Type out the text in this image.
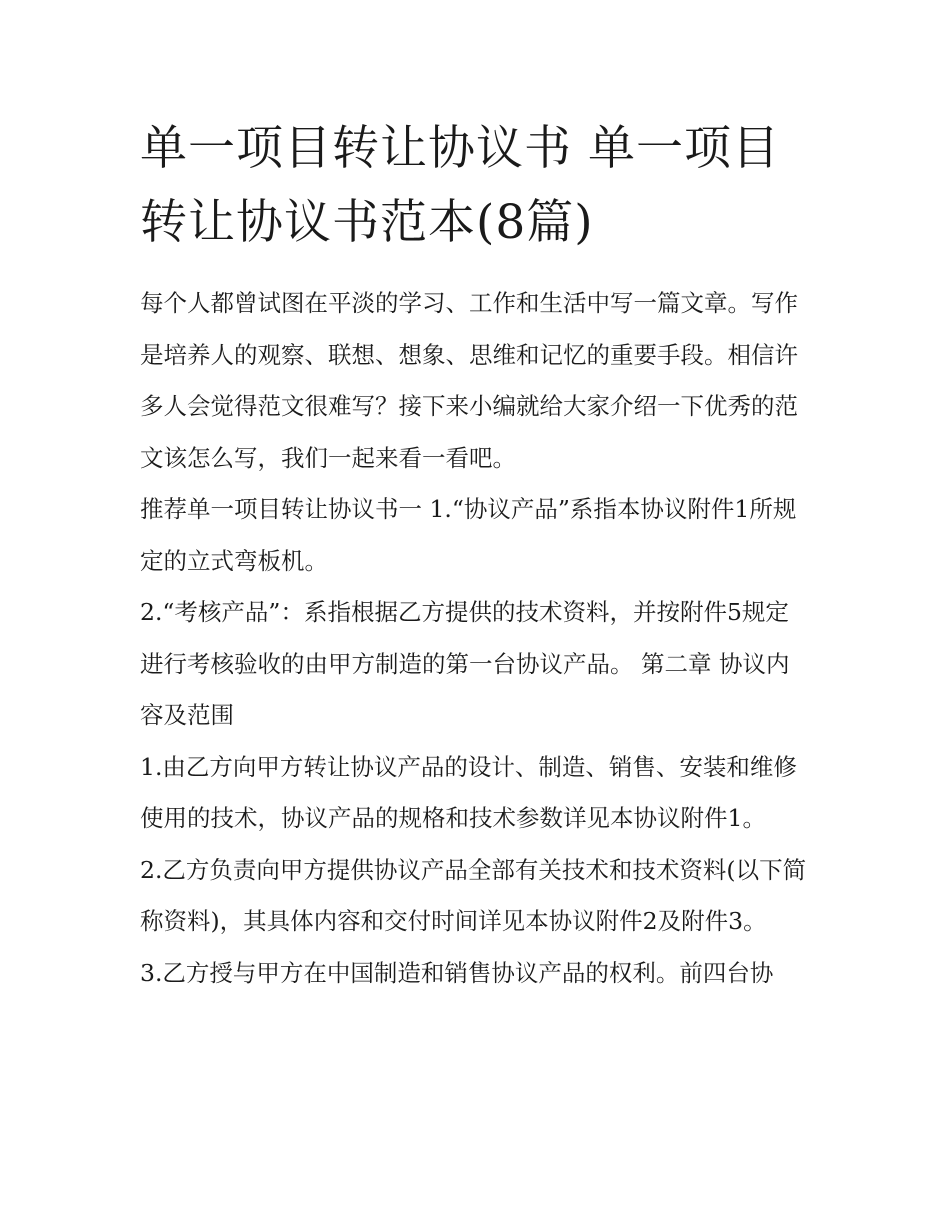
单一项目转让协议书 单一项目转让协议书范本(8篇)

每个人都曾试图在平淡的学习、工作和生活中写一篇文章。写作是培养人的观察、联想、想象、思维和记忆的重要手段。相信许多人会觉得范文很难写？接下来小编就给大家介绍一下优秀的范文该怎么写，我们一起来看一看吧。

推荐单一项目转让协议书一 1.“协议产品”系指本协议附件1所规定的立式弯板机。

2.“考核产品”：系指根据乙方提供的技术资料，并按附件5规定进行考核验收的由甲方制造的第一台协议产品。 第二章 协议内容及范围

1.由乙方向甲方转让协议产品的设计、制造、销售、安装和维修使用的技术，协议产品的规格和技术参数详见本协议附件1。

2.乙方负责向甲方提供协议产品全部有关技术和技术资料(以下简称资料)，其具体内容和交付时间详见本协议附件2及附件3。

3.乙方授与甲方在中国制造和销售协议产品的权利。前四台协
